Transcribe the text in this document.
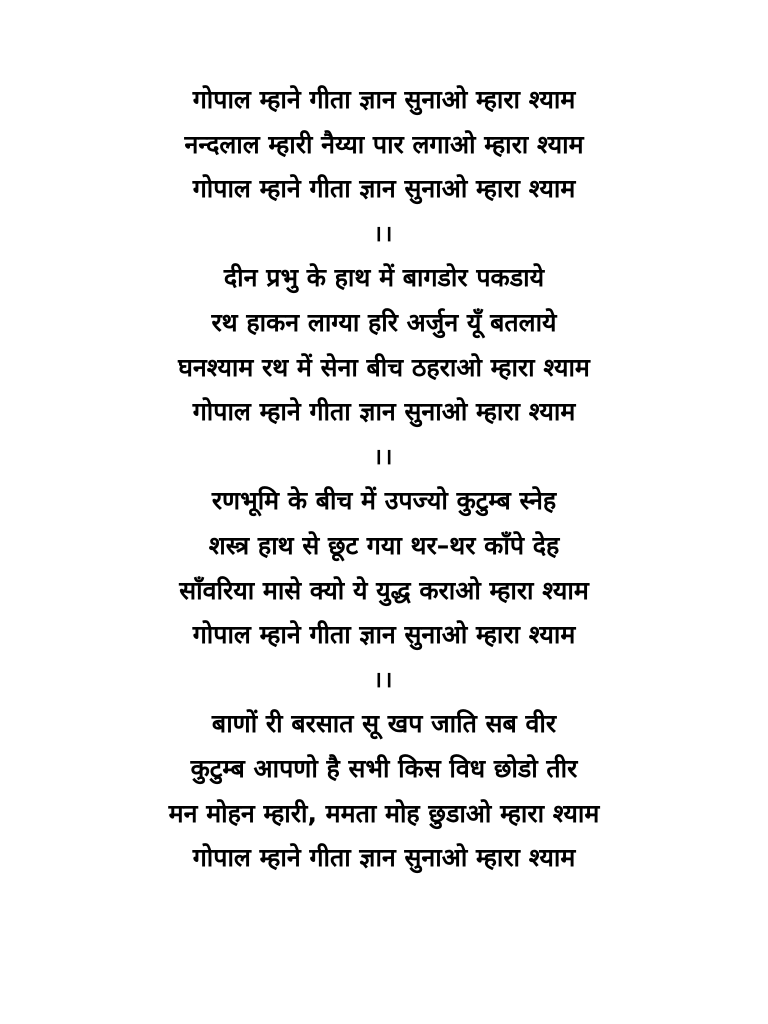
गोपाल म्हाने गीता ज्ञान सुनाओ म्हारा श्याम
नन्दलाल म्हारी नैय्या पार लगाओ म्हारा श्याम
गोपाल म्हाने गीता ज्ञान सुनाओ म्हारा श्याम
।।
दीन प्रभु के हाथ में बागडोर पकडाये
रथ हाकन लाग्या हरि अर्जुन यूँ बतलाये
घनश्याम रथ में सेना बीच ठहराओ म्हारा श्याम
गोपाल म्हाने गीता ज्ञान सुनाओ म्हारा श्याम
।।
रणभूमि के बीच में उपज्यो कुटुम्ब स्नेह
शस्त्र हाथ से छूट गया थर–थर काँपे देह
साँवरिया मासे क्यो ये युद्ध कराओ म्हारा श्याम
गोपाल म्हाने गीता ज्ञान सुनाओ म्हारा श्याम
।।
बाणों री बरसात सू खप जाति सब वीर
कुटुम्ब आपणो है सभी किस विध छोडो तीर
मन मोहन म्हारी, ममता मोह छुडाओ म्हारा श्याम
गोपाल म्हाने गीता ज्ञान सुनाओ म्हारा श्याम
